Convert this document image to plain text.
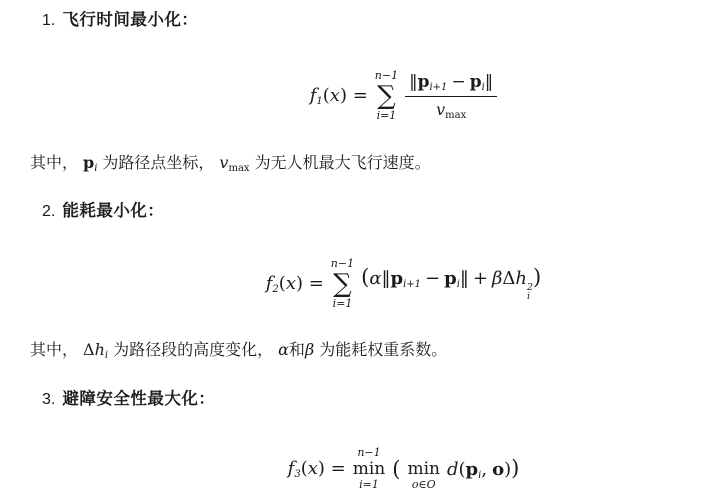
1. 飞行时间最小化：
$f_1(x)$ =
n−1
∑
$i=1 \frac{‖p_{i+1} - p_i‖}{v_{max}}$
其中， $p_i$ 为路径点坐标， $v_{max}$ 为无人机最大飞行速度。
2. 能耗最小化：
$f_2(x)$ =
n−1
∑
i=1
($\alpha‖p_{i+1}$ − $p_i‖ + \beta\Delta h$ 2
i
)
其中， $\Delta h_i$ 为路径段的高度变化， α和β 为能耗权重系数。
3. 避障安全性最大化：
$f_3(x)$ =
n−1
min
i=1
( min
o∈O
$d(p_i$, o))
